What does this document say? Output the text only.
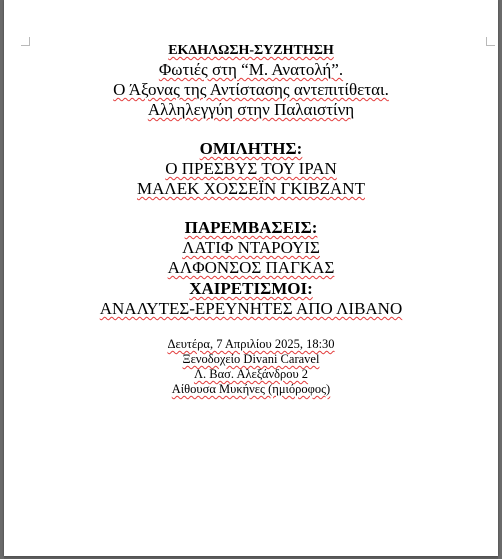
ΕΚΔΗΛΩΣΗ-ΣΥΖΗΤΗΣΗ
Φωτιές στη “Μ. Ανατολή”.
Ο Άξονας της Αντίστασης αντεπιτίθεται.
Αλληλεγγύη στην Παλαιστίνη
ΟΜΙΛΗΤΗΣ:
Ο ΠΡΕΣΒΥΣ ΤΟΥ ΙΡΑΝ
ΜΑΛΕΚ ΧΟΣΣΕΪΝ ΓΚΙΒΖΑΝΤ
ΠΑΡΕΜΒΑΣΕΙΣ:
ΛΑΤΙΦ ΝΤΑΡΟΥΙΣ
ΑΛΦΟΝΣΟΣ ΠΑΓΚΑΣ
ΧΑΙΡΕΤΙΣΜΟΙ:
ΑΝΑΛΥΤΕΣ-ΕΡΕΥΝΗΤΕΣ ΑΠΟ ΛΙΒΑΝΟ
Δευτέρα, 7 Απριλίου 2025, 18:30
Ξενοδοχείο Divani Caravel
Λ. Βασ. Αλεξάνδρου 2
Αίθουσα Μυκήνες (ημιόροφος)
